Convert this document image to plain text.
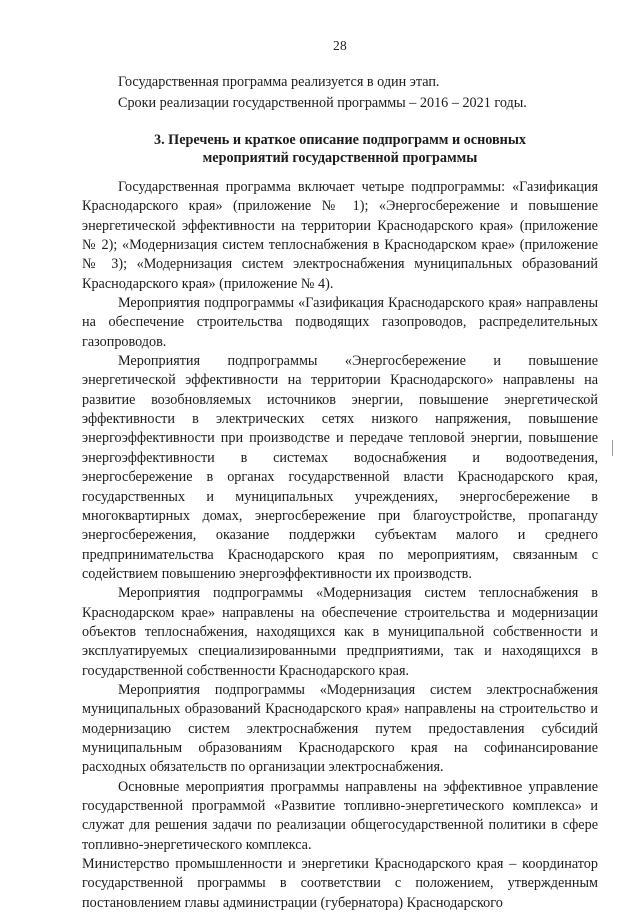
28

Государственная программа реализуется в один этап.

Сроки реализации государственной программы – 2016 – 2021 годы.

3. Перечень и краткое описание подпрограмм и основных
мероприятий государственной программы

Государственная программа включает четыре подпрограммы: «Газификация Краснодарского края» (приложение № 1); «Энергосбережение и повышение энергетической эффективности на территории Краснодарского края» (приложение № 2); «Модернизация систем теплоснабжения в Краснодарском крае» (приложение № 3); «Модернизация систем электроснабжения муниципальных образований Краснодарского края» (приложение № 4).

Мероприятия подпрограммы «Газификация Краснодарского края» направлены на обеспечение строительства подводящих газопроводов, распределительных газопроводов.

Мероприятия подпрограммы «Энергосбережение и повышение энергетической эффективности на территории Краснодарского» направлены на развитие возобновляемых источников энергии, повышение энергетической эффективности в электрических сетях низкого напряжения, повышение энергоэффективности при производстве и передаче тепловой энергии, повышение энергоэффективности в системах водоснабжения и водоотведения, энергосбережение в органах государственной власти Краснодарского края, государственных и муниципальных учреждениях, энергосбережение в многоквартирных домах, энергосбережение при благоустройстве, пропаганду энергосбережения, оказание поддержки субъектам малого и среднего предпринимательства Краснодарского края по мероприятиям, связанным с содействием повышению энергоэффективности их производств.

Мероприятия подпрограммы «Модернизация систем теплоснабжения в Краснодарском крае» направлены на обеспечение строительства и модернизации объектов теплоснабжения, находящихся как в муниципальной собственности и эксплуатируемых специализированными предприятиями, так и находящихся в государственной собственности Краснодарского края.

Мероприятия подпрограммы «Модернизация систем электроснабжения муниципальных образований Краснодарского края» направлены на строительство и модернизацию систем электроснабжения путем предоставления субсидий муниципальным образованиям Краснодарского края на софинансирование расходных обязательств по организации электроснабжения.

Основные мероприятия программы направлены на эффективное управление государственной программой «Развитие топливно-энергетического комплекса» и служат для решения задачи по реализации общегосударственной политики в сфере топливно-энергетического комплекса.

Министерство промышленности и энергетики Краснодарского края – координатор государственной программы в соответствии с положением, утвержденным постановлением главы администрации (губернатора) Краснодарского
